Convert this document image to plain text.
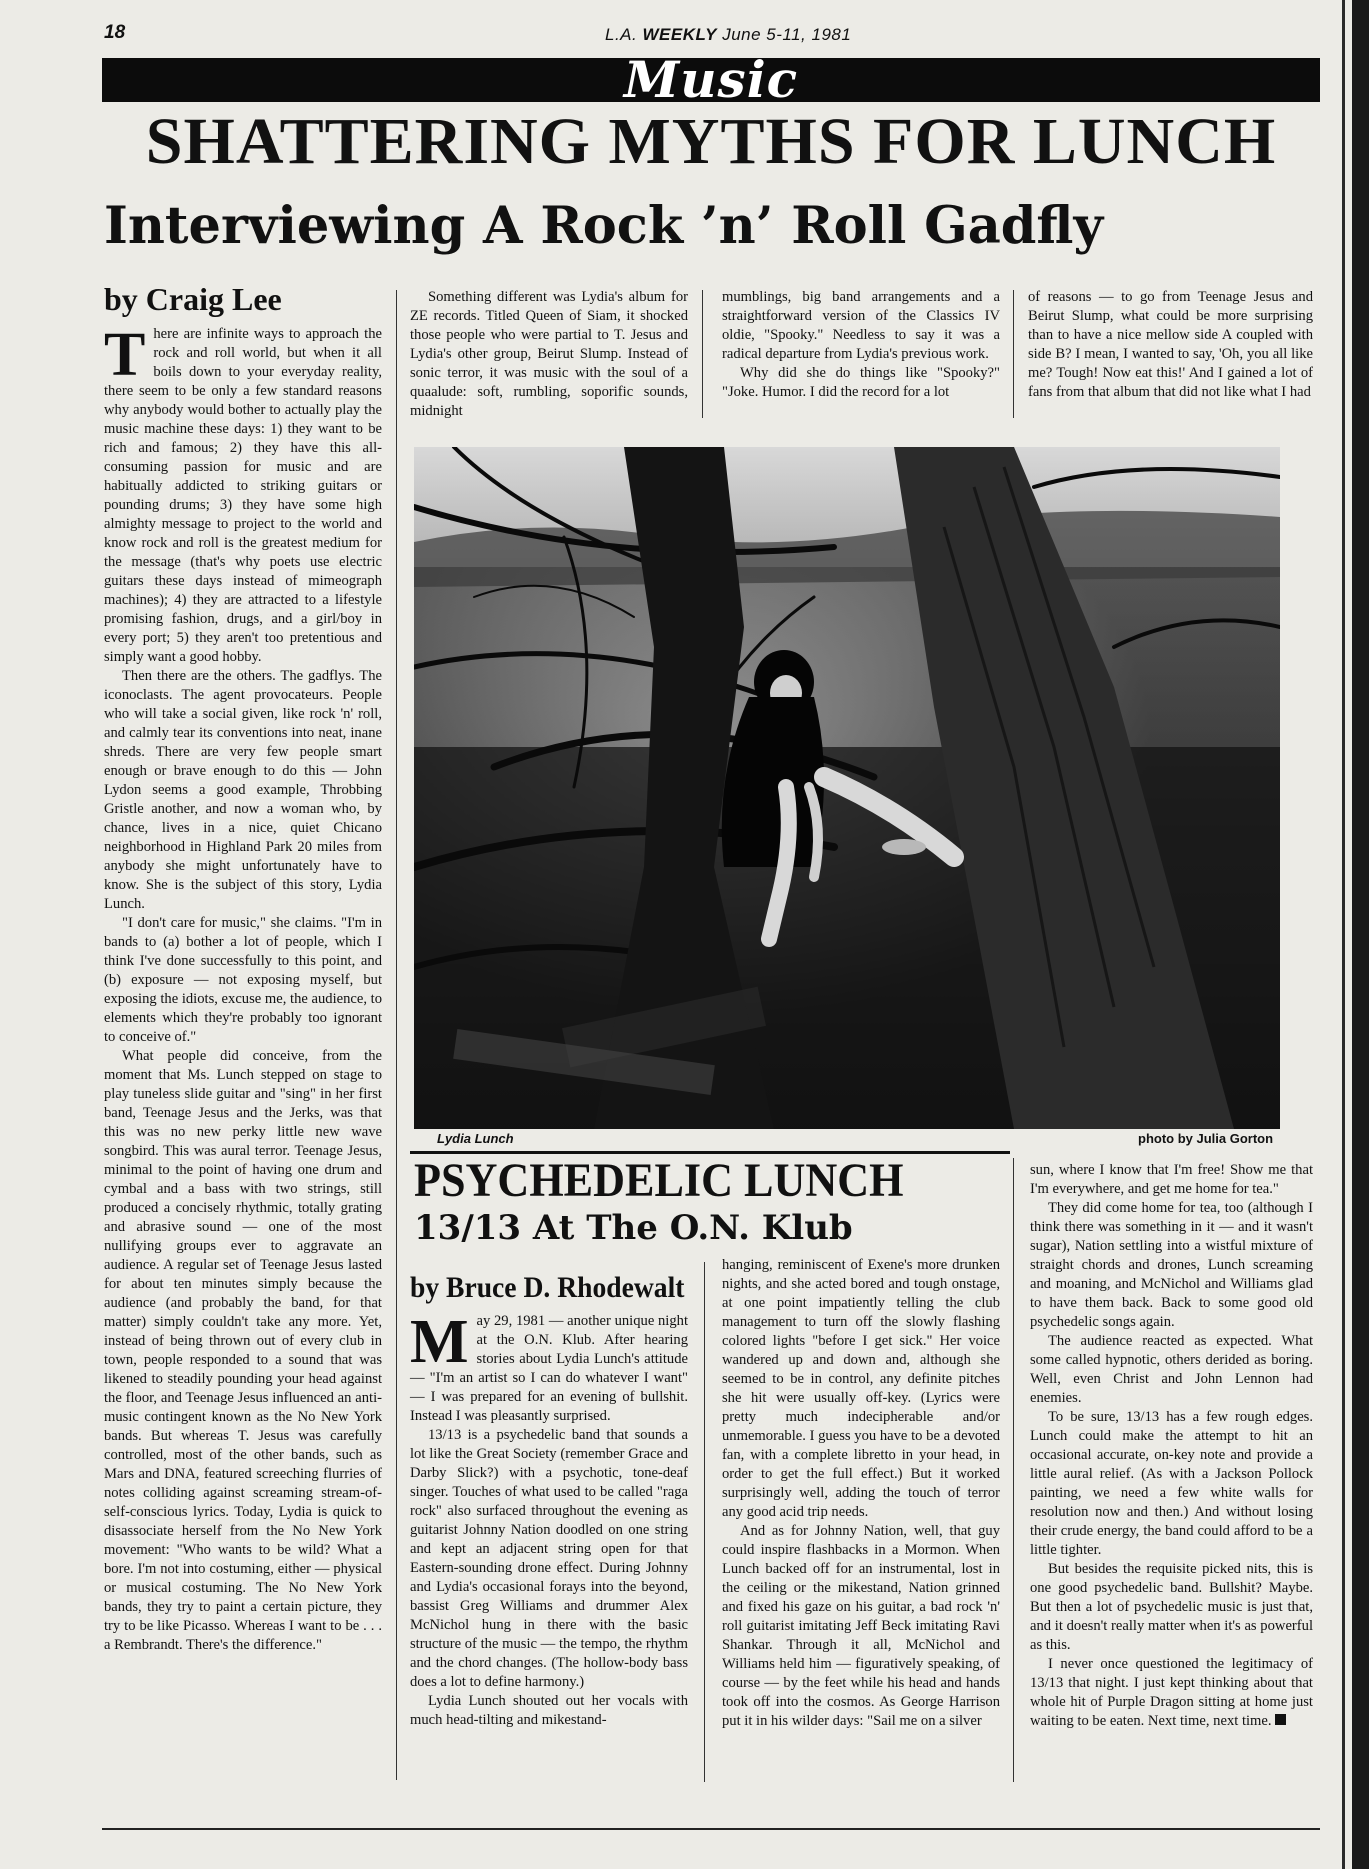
18	L.A. WEEKLY June 5-11, 1981
Music
SHATTERING MYTHS FOR LUNCH
Interviewing A Rock ’n’ Roll Gadfly
by Craig Lee

There are infinite ways to approach the rock and roll world, but when it all boils down to your everyday reality, there seem to be only a few standard reasons why anybody would bother to actually play the music machine these days: 1) they want to be rich and famous; 2) they have this all-consuming passion for music and are habitually addicted to striking guitars or pounding drums; 3) they have some high almighty message to project to the world and know rock and roll is the greatest medium for the message (that's why poets use electric guitars these days instead of mimeograph machines); 4) they are attracted to a lifestyle promising fashion, drugs, and a girl/boy in every port; 5) they aren't too pretentious and simply want a good hobby.

Then there are the others. The gadflys. The iconoclasts. The agent provocateurs. People who will take a social given, like rock 'n' roll, and calmly tear its conventions into neat, inane shreds. There are very few people smart enough or brave enough to do this — John Lydon seems a good example, Throbbing Gristle another, and now a woman who, by chance, lives in a nice, quiet Chicano neighborhood in Highland Park 20 miles from anybody she might unfortunately have to know. She is the subject of this story, Lydia Lunch.

"I don't care for music," she claims. "I'm in bands to (a) bother a lot of people, which I think I've done successfully to this point, and (b) exposure — not exposing myself, but exposing the idiots, excuse me, the audience, to elements which they're probably too ignorant to conceive of."

What people did conceive, from the moment that Ms. Lunch stepped on stage to play tuneless slide guitar and "sing" in her first band, Teenage Jesus and the Jerks, was that this was no new perky little new wave songbird. This was aural terror. Teenage Jesus, minimal to the point of having one drum and cymbal and a bass with two strings, still produced a concisely rhythmic, totally grating and abrasive sound — one of the most nullifying groups ever to aggravate an audience. A regular set of Teenage Jesus lasted for about ten minutes simply because the audience (and probably the band, for that matter) simply couldn't take any more. Yet, instead of being thrown out of every club in town, people responded to a sound that was likened to steadily pounding your head against the floor, and Teenage Jesus influenced an anti-music contingent known as the No New York bands. But whereas T. Jesus was carefully controlled, most of the other bands, such as Mars and DNA, featured screeching flurries of notes colliding against screaming stream-of-self-conscious lyrics. Today, Lydia is quick to disassociate herself from the No New York movement: "Who wants to be wild? What a bore. I'm not into costuming, either — physical or musical costuming. The No New York bands, they try to paint a certain picture, they try to be like Picasso. Whereas I want to be . . . a Rembrandt. There's the difference."

Something different was Lydia's album for ZE records. Titled Queen of Siam, it shocked those people who were partial to T. Jesus and Lydia's other group, Beirut Slump. Instead of sonic terror, it was music with the soul of a quaalude: soft, rumbling, soporific sounds, midnight

mumblings, big band arrangements and a straightforward version of the Classics IV oldie, "Spooky." Needless to say it was a radical departure from Lydia's previous work.

Why did she do things like "Spooky?" "Joke. Humor. I did the record for a lot

of reasons — to go from Teenage Jesus and Beirut Slump, what could be more surprising than to have a nice mellow side A coupled with side B? I mean, I wanted to say, 'Oh, you all like me? Tough! Now eat this!' And I gained a lot of fans from that album that did not like what I had

Lydia Lunch	photo by Julia Gorton
PSYCHEDELIC LUNCH
13/13 At The O.N. Klub
by Bruce D. Rhodewalt

May 29, 1981 — another unique night at the O.N. Klub. After hearing stories about Lydia Lunch's attitude — "I'm an artist so I can do whatever I want" — I was prepared for an evening of bullshit. Instead I was pleasantly surprised.

13/13 is a psychedelic band that sounds a lot like the Great Society (remember Grace and Darby Slick?) with a psychotic, tone-deaf singer. Touches of what used to be called "raga rock" also surfaced throughout the evening as guitarist Johnny Nation doodled on one string and kept an adjacent string open for that Eastern-sounding drone effect. During Johnny and Lydia's occasional forays into the beyond, bassist Greg Williams and drummer Alex McNichol hung in there with the basic structure of the music — the tempo, the rhythm and the chord changes. (The hollow-body bass does a lot to define harmony.)

Lydia Lunch shouted out her vocals with much head-tilting and mikestand-

hanging, reminiscent of Exene's more drunken nights, and she acted bored and tough onstage, at one point impatiently telling the club management to turn off the slowly flashing colored lights "before I get sick." Her voice wandered up and down and, although she seemed to be in control, any definite pitches she hit were usually off-key. (Lyrics were pretty much indecipherable and/or unmemorable. I guess you have to be a devoted fan, with a complete libretto in your head, in order to get the full effect.) But it worked surprisingly well, adding the touch of terror any good acid trip needs.

And as for Johnny Nation, well, that guy could inspire flashbacks in a Mormon. When Lunch backed off for an instrumental, lost in the ceiling or the mikestand, Nation grinned and fixed his gaze on his guitar, a bad rock 'n' roll guitarist imitating Jeff Beck imitating Ravi Shankar. Through it all, McNichol and Williams held him — figuratively speaking, of course — by the feet while his head and hands took off into the cosmos. As George Harrison put it in his wilder days: "Sail me on a silver

sun, where I know that I'm free! Show me that I'm everywhere, and get me home for tea."

They did come home for tea, too (although I think there was something in it — and it wasn't sugar), Nation settling into a wistful mixture of straight chords and drones, Lunch screaming and moaning, and McNichol and Williams glad to have them back. Back to some good old psychedelic songs again.

The audience reacted as expected. What some called hypnotic, others derided as boring. Well, even Christ and John Lennon had enemies.

To be sure, 13/13 has a few rough edges. Lunch could make the attempt to hit an occasional accurate, on-key note and provide a little aural relief. (As with a Jackson Pollock painting, we need a few white walls for resolution now and then.) And without losing their crude energy, the band could afford to be a little tighter.

But besides the requisite picked nits, this is one good psychedelic band. Bullshit? Maybe. But then a lot of psychedelic music is just that, and it doesn't really matter when it's as powerful as this.

I never once questioned the legitimacy of 13/13 that night. I just kept thinking about that whole hit of Purple Dragon sitting at home just waiting to be eaten. Next time, next time.
